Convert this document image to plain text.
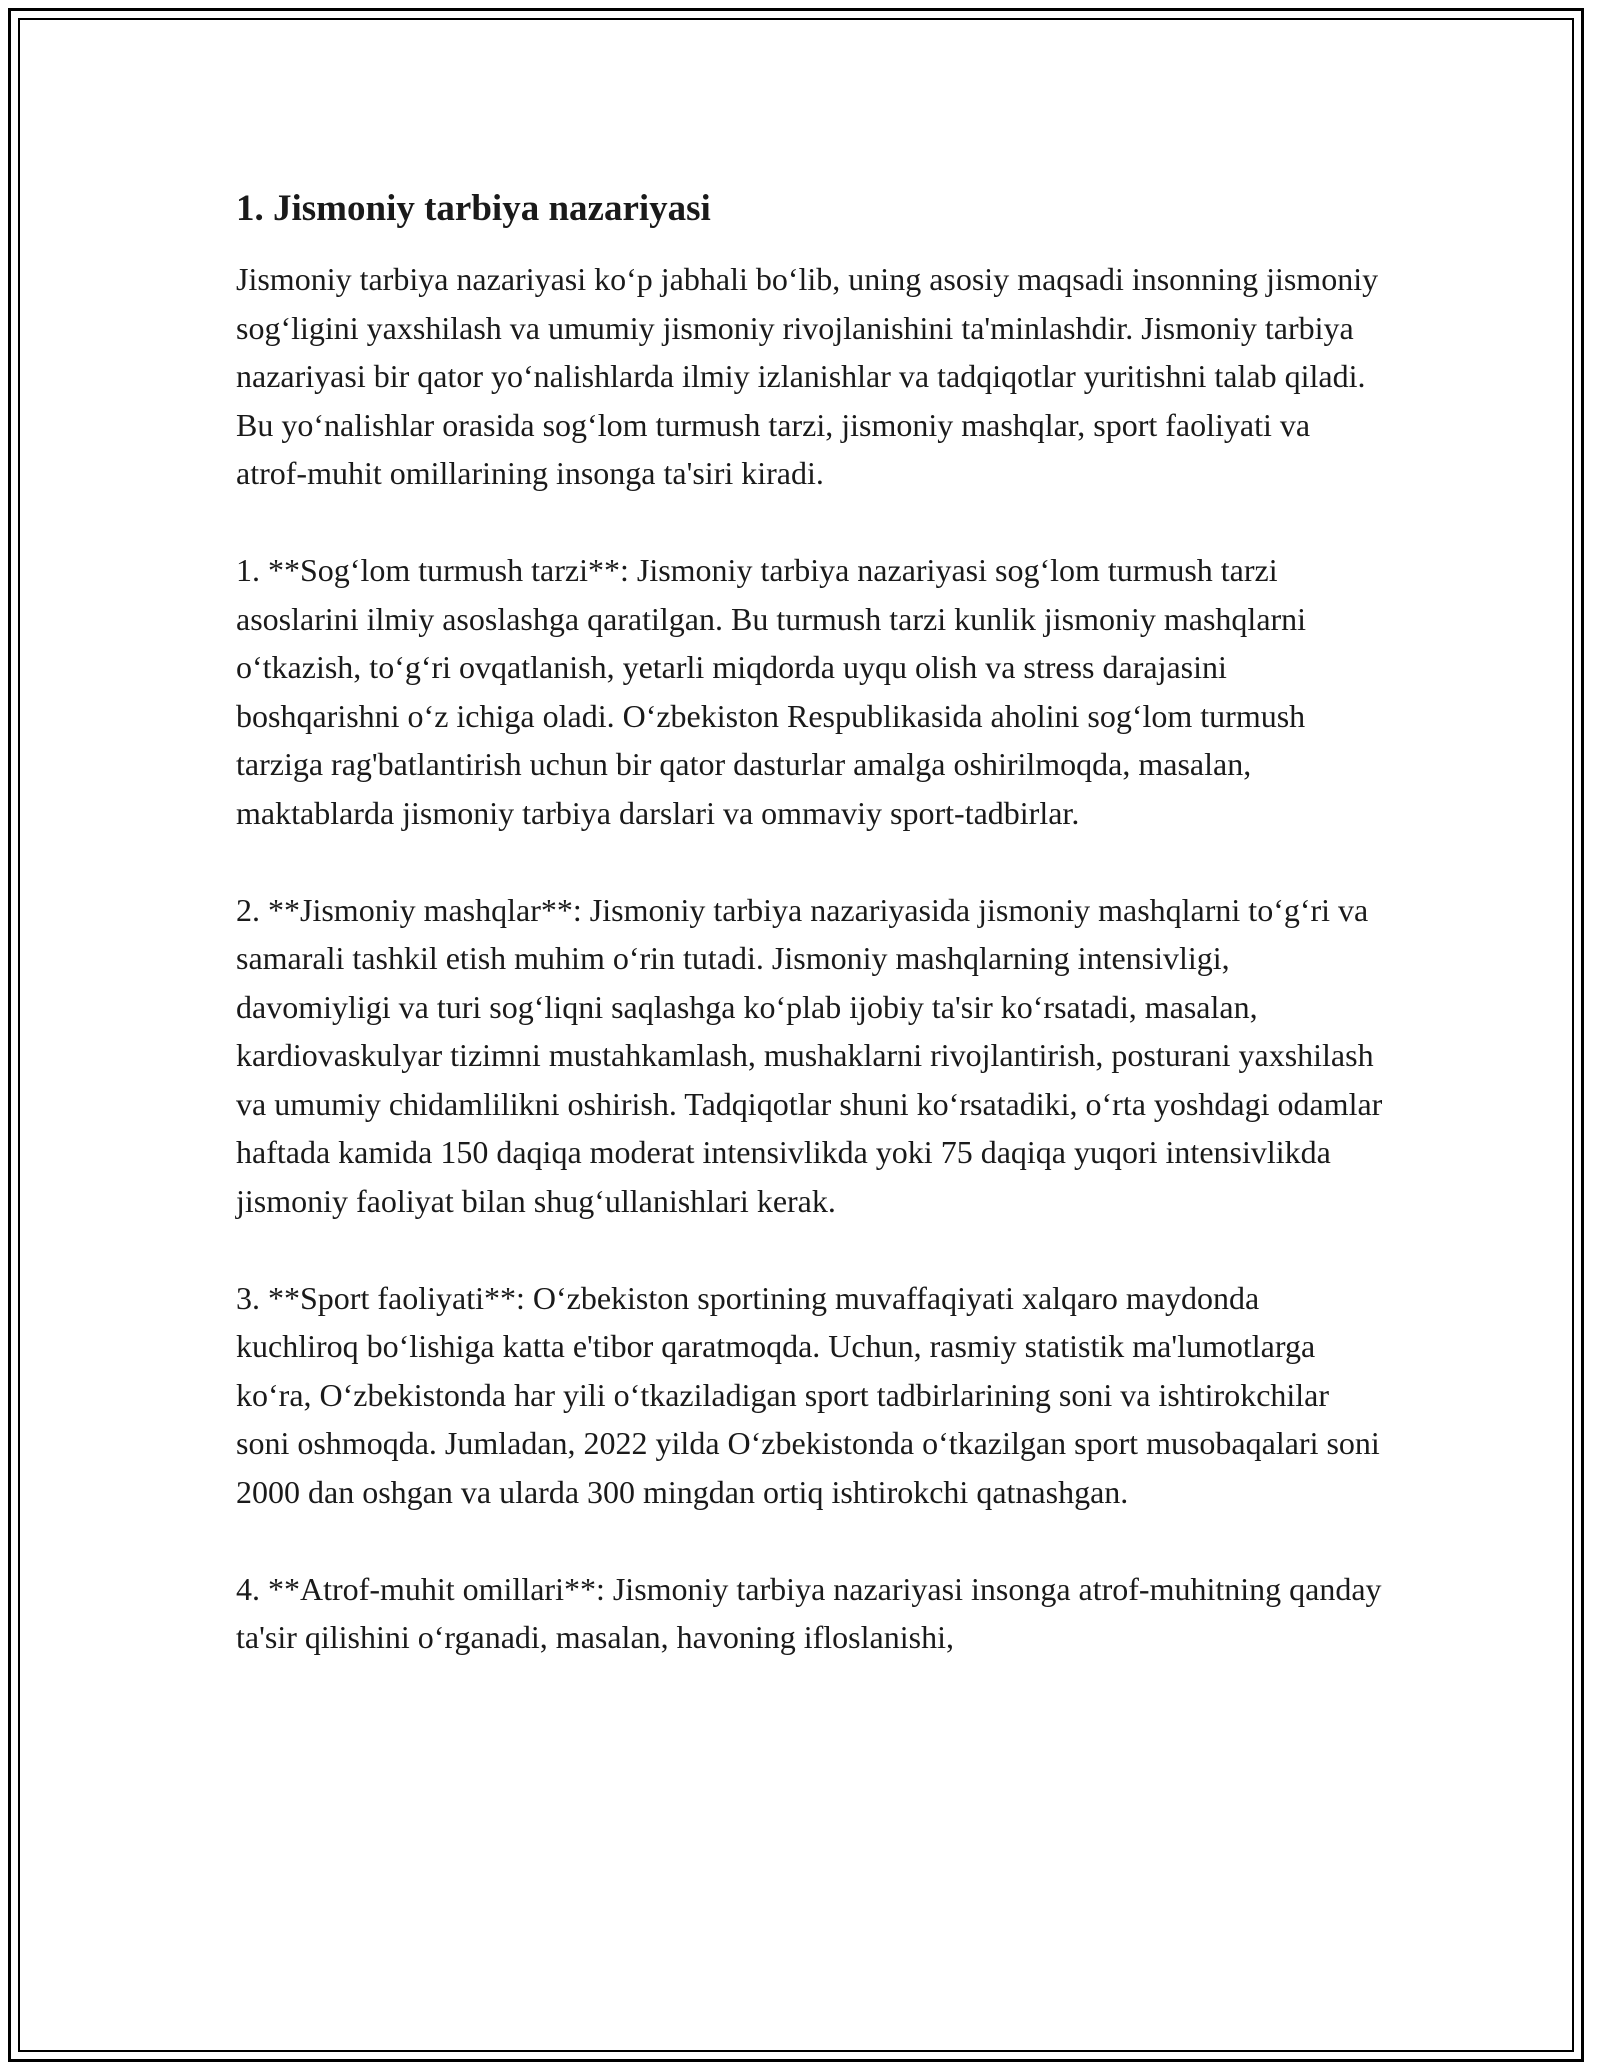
1. Jismoniy tarbiya nazariyasi

Jismoniy tarbiya nazariyasi ko‘p jabhali bo‘lib, uning asosiy maqsadi insonning jismoniy sog‘ligini yaxshilash va umumiy jismoniy rivojlanishini ta'minlashdir. Jismoniy tarbiya nazariyasi bir qator yo‘nalishlarda ilmiy izlanishlar va tadqiqotlar yuritishni talab qiladi. Bu yo‘nalishlar orasida sog‘lom turmush tarzi, jismoniy mashqlar, sport faoliyati va atrof-muhit omillarining insonga ta'siri kiradi.

1. **Sog‘lom turmush tarzi**: Jismoniy tarbiya nazariyasi sog‘lom turmush tarzi asoslarini ilmiy asoslashga qaratilgan. Bu turmush tarzi kunlik jismoniy mashqlarni o‘tkazish, to‘g‘ri ovqatlanish, yetarli miqdorda uyqu olish va stress darajasini boshqarishni o‘z ichiga oladi. O‘zbekiston Respublikasida aholini sog‘lom turmush tarziga rag'batlantirish uchun bir qator dasturlar amalga oshirilmoqda, masalan, maktablarda jismoniy tarbiya darslari va ommaviy sport-tadbirlar.

2. **Jismoniy mashqlar**: Jismoniy tarbiya nazariyasida jismoniy mashqlarni to‘g‘ri va samarali tashkil etish muhim o‘rin tutadi. Jismoniy mashqlarning intensivligi, davomiyligi va turi sog‘liqni saqlashga ko‘plab ijobiy ta'sir ko‘rsatadi, masalan, kardiovaskulyar tizimni mustahkamlash, mushaklarni rivojlantirish, posturani yaxshilash va umumiy chidamlilikni oshirish. Tadqiqotlar shuni ko‘rsatadiki, o‘rta yoshdagi odamlar haftada kamida 150 daqiqa moderat intensivlikda yoki 75 daqiqa yuqori intensivlikda jismoniy faoliyat bilan shug‘ullanishlari kerak.

3. **Sport faoliyati**: O‘zbekiston sportining muvaffaqiyati xalqaro maydonda kuchliroq bo‘lishiga katta e'tibor qaratmoqda. Uchun, rasmiy statistik ma'lumotlarga ko‘ra, O‘zbekistonda har yili o‘tkaziladigan sport tadbirlarining soni va ishtirokchilar soni oshmoqda. Jumladan, 2022 yilda O‘zbekistonda o‘tkazilgan sport musobaqalari soni 2000 dan oshgan va ularda 300 mingdan ortiq ishtirokchi qatnashgan.

4. **Atrof-muhit omillari**: Jismoniy tarbiya nazariyasi insonga atrof-muhitning qanday ta'sir qilishini o‘rganadi, masalan, havoning ifloslanishi,
